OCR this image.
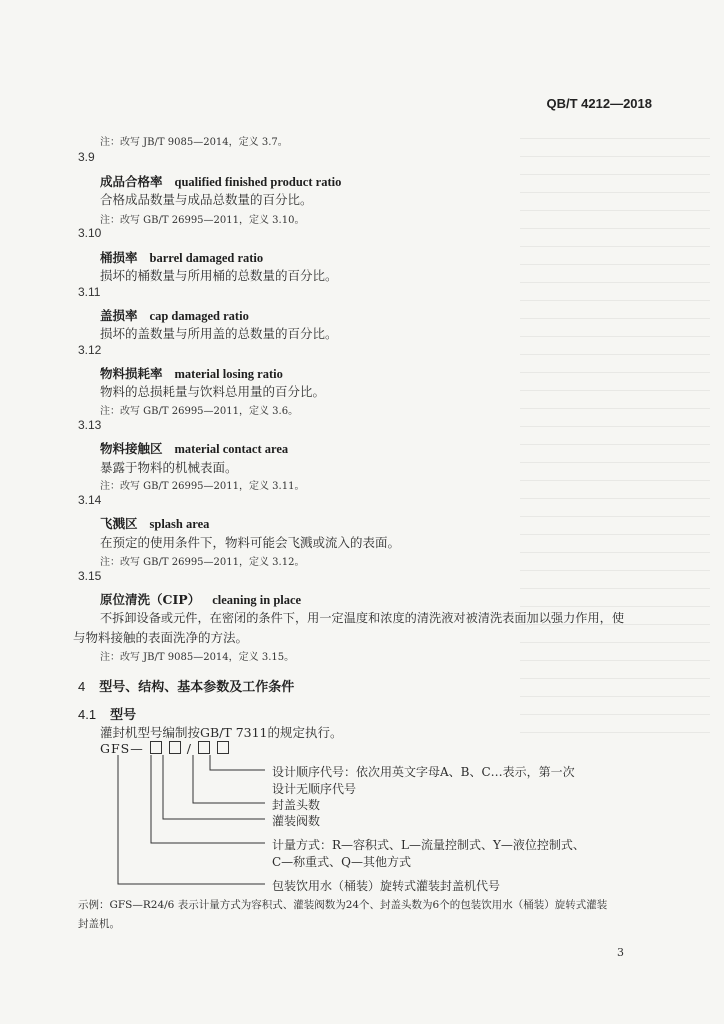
QB/T 4212—2018
注：改写 JB/T 9085—2014，定义 3.7。
3.9
成品合格率 qualified finished product ratio
合格成品数量与成品总数量的百分比。
注：改写 GB/T 26995—2011，定义 3.10。
3.10
桶损率 barrel damaged ratio
损坏的桶数量与所用桶的总数量的百分比。
3.11
盖损率 cap damaged ratio
损坏的盖数量与所用盖的总数量的百分比。
3.12
物料损耗率 material losing ratio
物料的总损耗量与饮料总用量的百分比。
注：改写 GB/T 26995—2011，定义 3.6。
3.13
物料接触区 material contact area
暴露于物料的机械表面。
注：改写 GB/T 26995—2011，定义 3.11。
3.14
飞溅区 splash area
在预定的使用条件下，物料可能会飞溅或流入的表面。
注：改写 GB/T 26995—2011，定义 3.12。
3.15
原位清洗（CIP） cleaning in place
不拆卸设备或元件，在密闭的条件下，用一定温度和浓度的清洗液对被清洗表面加以强力作用，使
与物料接触的表面洗净的方法。
注：改写 JB/T 9085—2014，定义 3.15。
4 型号、结构、基本参数及工作条件
4.1 型号
灌封机型号编制按GB/T 7311的规定执行。
GFS—	/
设计顺序代号：依次用英文字母A、B、C…表示，第一次
设计无顺序代号
封盖头数
灌装阀数
计量方式：R—容积式、L—流量控制式、Y—液位控制式、
C—称重式、Q—其他方式
包装饮用水（桶装）旋转式灌装封盖机代号
示例：GFS—R24/6 表示计量方式为容积式、灌装阀数为24个、封盖头数为6个的包装饮用水（桶装）旋转式灌装
封盖机。
3
